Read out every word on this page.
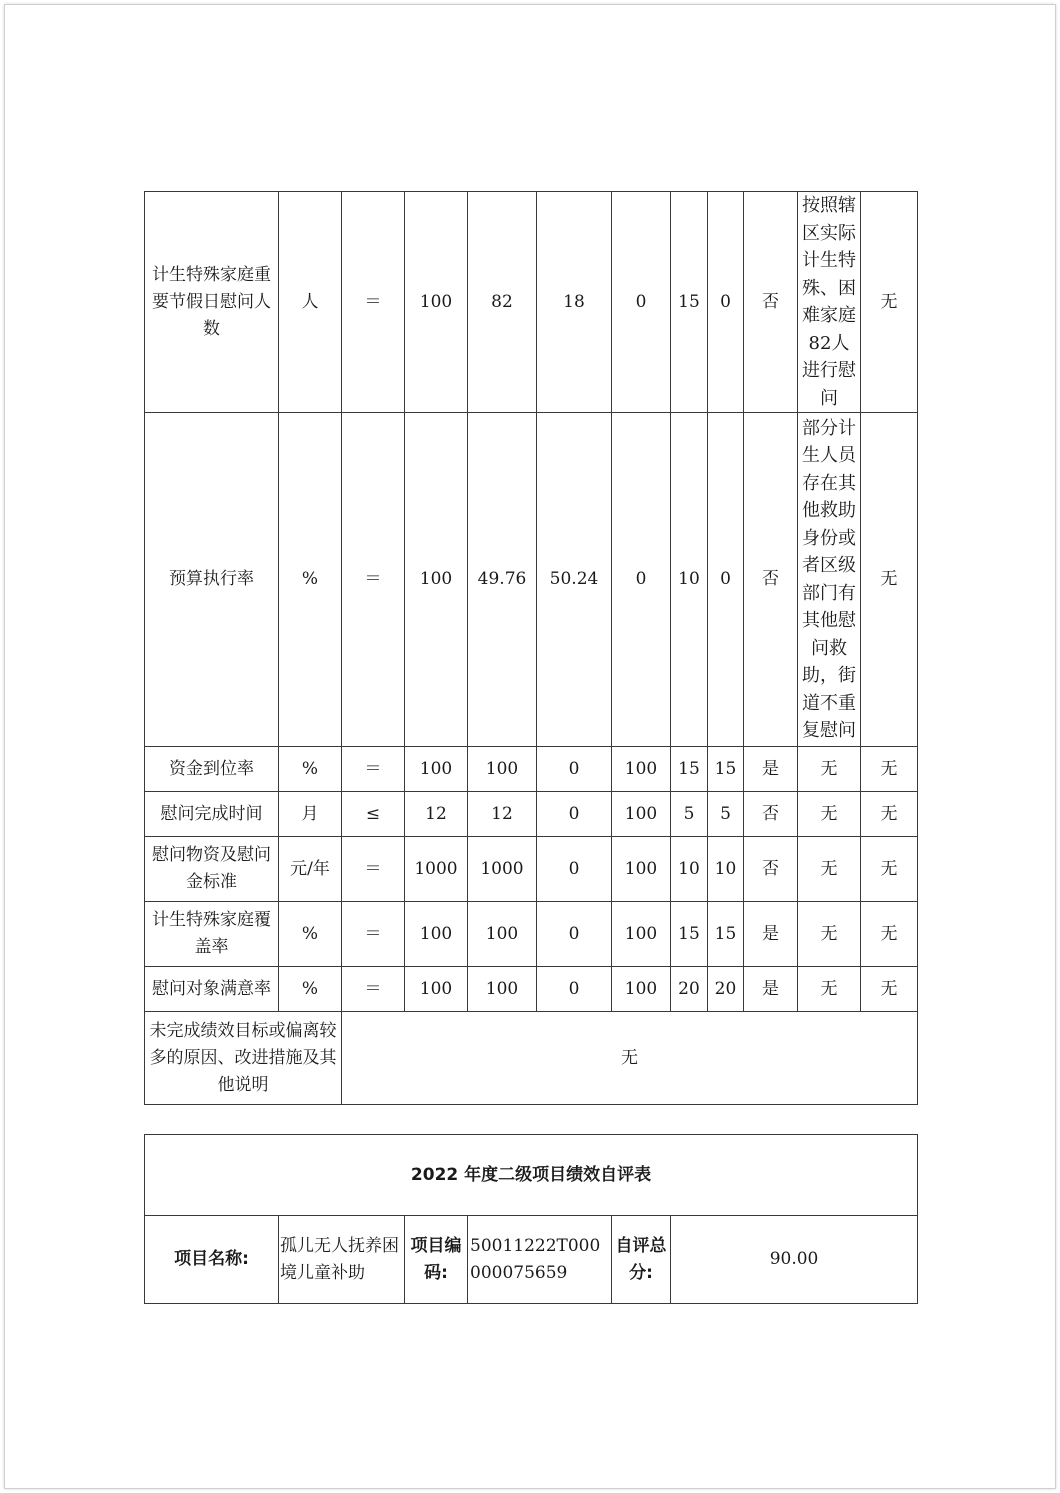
计生特殊家庭重要节假日慰问人数	人	＝	100	82	18	0	15	0	否	按照辖区实际计生特殊、困难家庭82人进行慰问	无
预算执行率	%	＝	100	49.76	50.24	0	10	0	否	部分计生人员存在其他救助身份或者区级部门有其他慰问救助，街道不重复慰问	无
资金到位率	%	＝	100	100	0	100	15	15	是	无	无
慰问完成时间	月	≤	12	12	0	100	5	5	否	无	无
慰问物资及慰问金标准	元/年	＝	1000	1000	0	100	10	10	否	无	无
计生特殊家庭覆盖率	%	＝	100	100	0	100	15	15	是	无	无
慰问对象满意率	%	＝	100	100	0	100	20	20	是	无	无
未完成绩效目标或偏离较多的原因、改进措施及其他说明		无									
2022 年度二级项目绩效自评表
项目名称:	孤儿无人抚养困境儿童补助	项目编码:	50011222T000000075659	自评总分:	90.00
